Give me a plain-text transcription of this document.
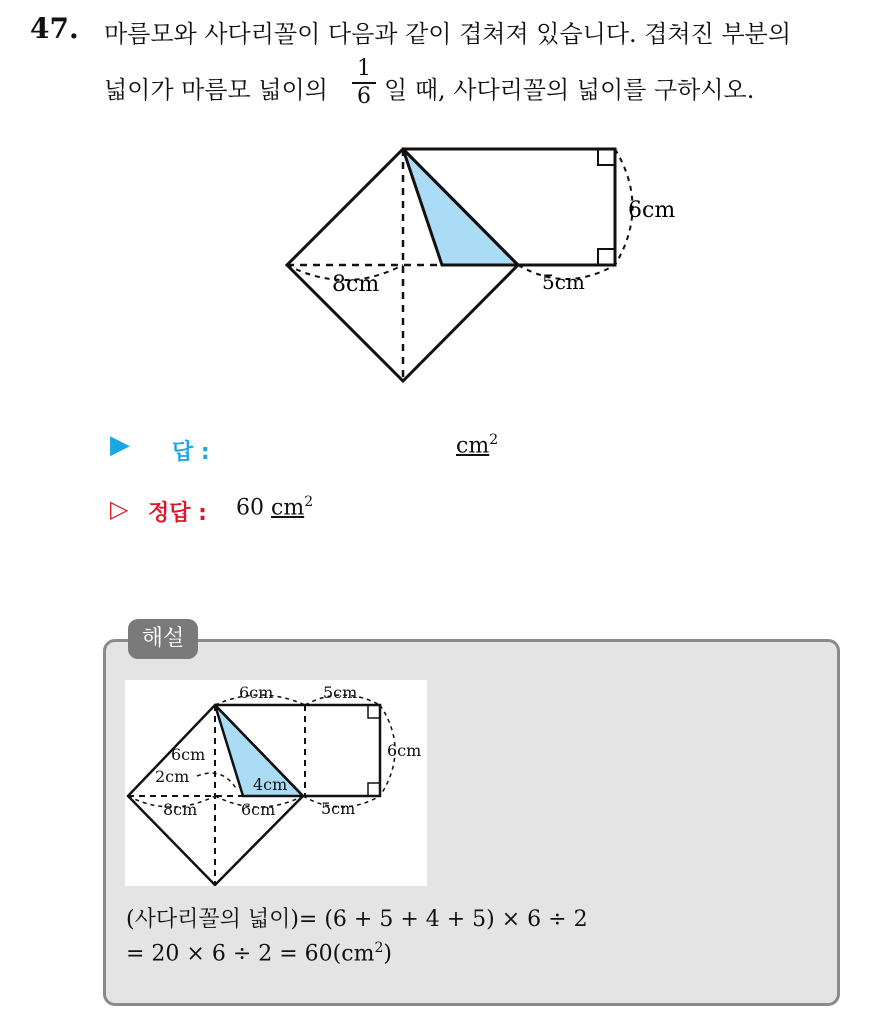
47. 마름모와 사다리꼴이 다음과 같이 겹쳐져 있습니다. 겹쳐진 부분의
넓이가 마름모 넓이의
1
6 일 때, 사다리꼴의 넓이를 구하시오.
6cm
8cm	5cm
▶ 답 :	$cm^2$
▷ 정답 : 60 $cm^2$
해설
6cm	5cm
6cm
6cm
2cm	4cm
8cm	6cm	5cm
(사다리꼴의 넓이)= (6 + 5 + 4 + 5) × 6 ÷ 2
= $20 \times 6 \div 2 = 60(cm^2)$
